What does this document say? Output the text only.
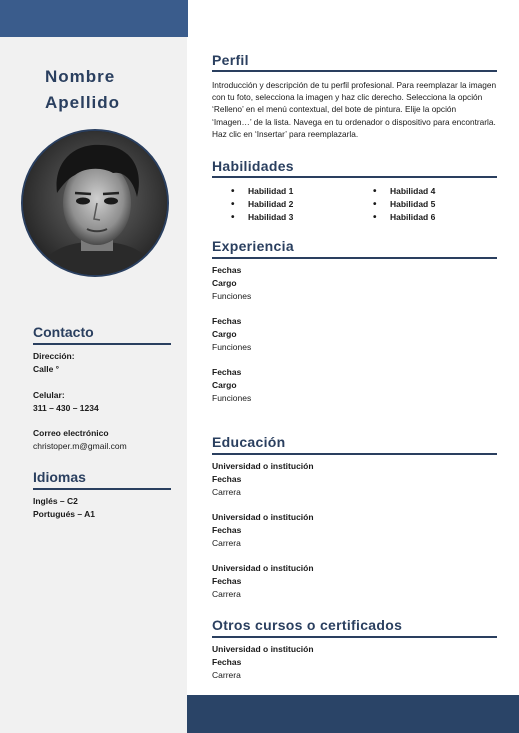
Nombre
Apellido
Contacto
Dirección:
Calle °
Celular:
311 – 430 – 1234
Correo electrónico
christoper.m@gmail.com
Idiomas
Inglés – C2
Portugués – A1
Perfil
Introducción y descripción de tu perfil profesional. Para reemplazar la imagen con tu foto, selecciona la imagen y haz clic derecho. Selecciona la opción ‘Relleno’ en el menú contextual, del bote de pintura. Elije la opción ‘Imagen…’ de la lista. Navega en tu ordenador o dispositivo para encontrarla. Haz clic en ‘Insertar’ para reemplazarla.
Habilidades
• Habilidad 1
• Habilidad 2
• Habilidad 3
• Habilidad 4
• Habilidad 5
• Habilidad 6
Experiencia
Fechas
Cargo
Funciones
Fechas
Cargo
Funciones
Fechas
Cargo
Funciones
Educación
Universidad o institución
Fechas
Carrera
Universidad o institución
Fechas
Carrera
Universidad o institución
Fechas
Carrera
Otros cursos o certificados
Universidad o institución
Fechas
Carrera
